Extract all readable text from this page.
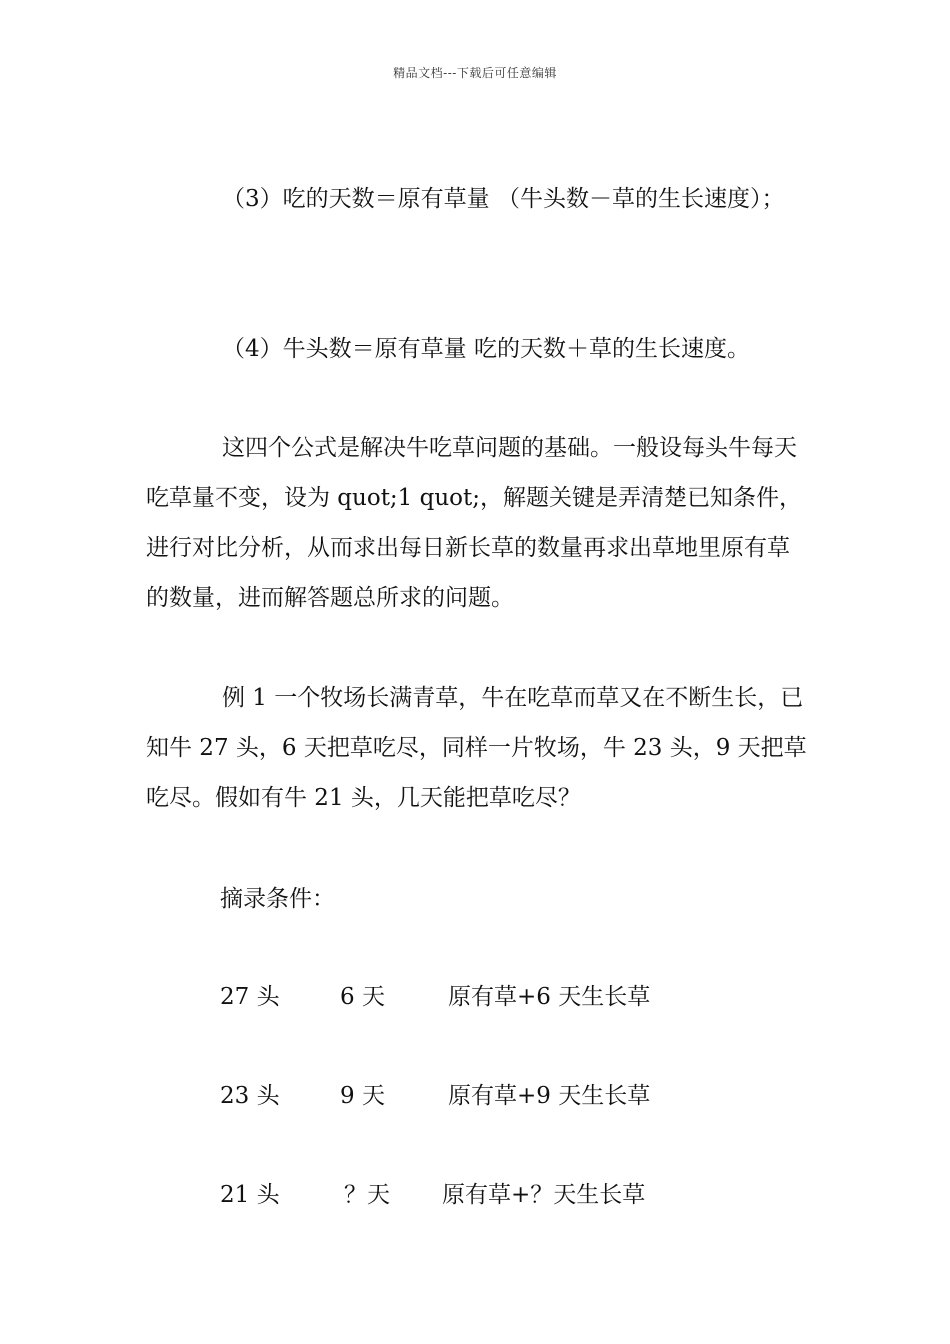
精品文档---下载后可任意编辑
（3）吃的天数＝原有草量 （牛头数－草的生长速度）；
（4）牛头数＝原有草量 吃的天数＋草的生长速度。
这四个公式是解决牛吃草问题的基础。一般设每头牛每天吃草量不变，设为 quot;1 quot;，解题关键是弄清楚已知条件，进行对比分析，从而求出每日新长草的数量再求出草地里原有草的数量，进而解答题总所求的问题。
例 1 一个牧场长满青草，牛在吃草而草又在不断生长，已知牛 27 头，6 天把草吃尽，同样一片牧场，牛 23 头，9 天把草吃尽。假如有牛 21 头，几天能把草吃尽？
摘录条件：
27 头	6 天	原有草+6 天生长草
23 头	9 天	原有草+9 天生长草
21 头	？天 原有草+？天生长草
